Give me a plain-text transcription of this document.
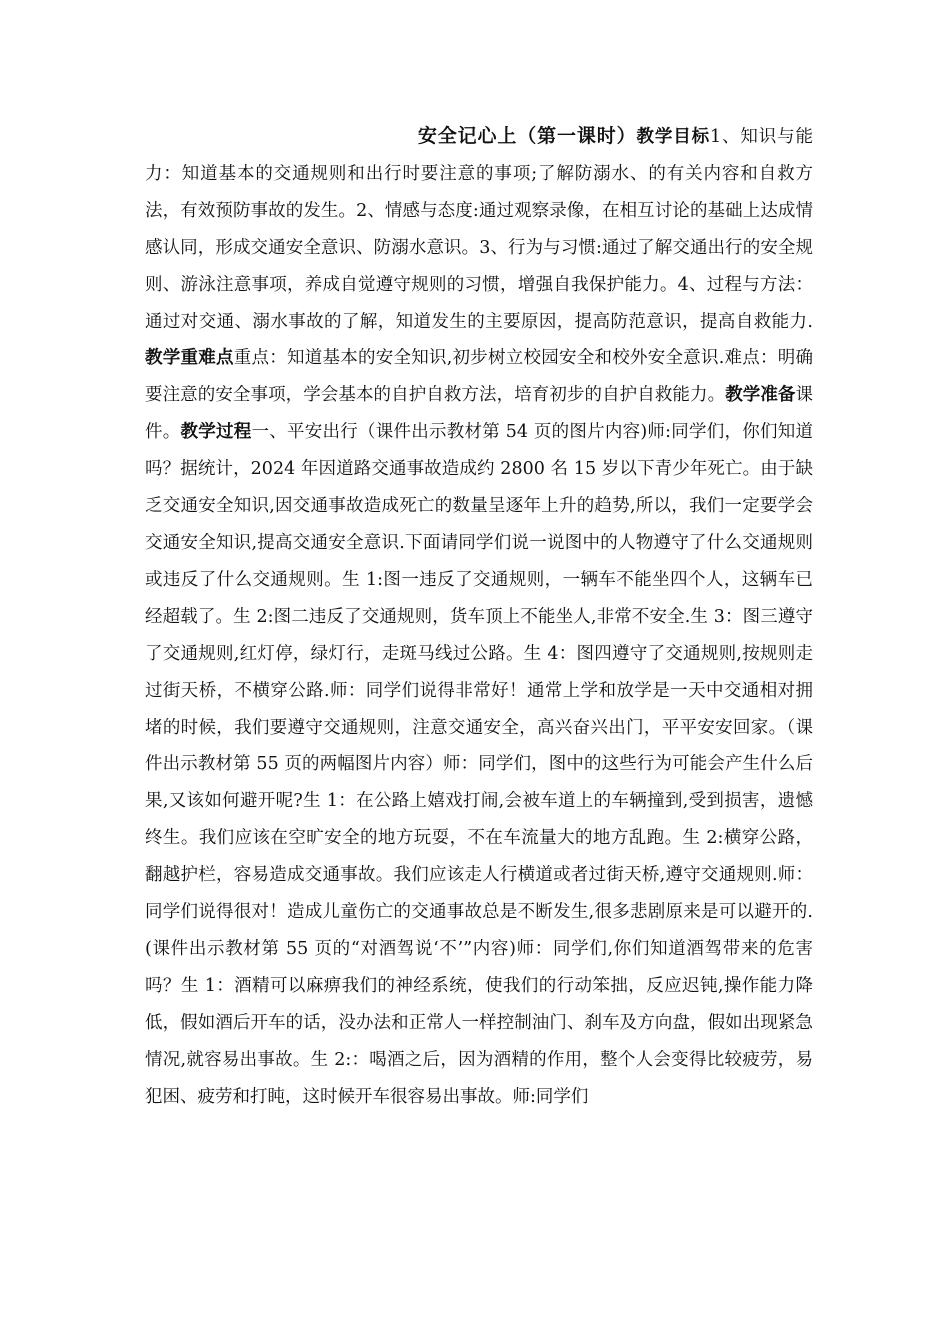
安全记心上（第一课时）教学目标1、知识与能力：知道基本的交通规则和出行时要注意的事项;了解防溺水、的有关内容和自救方法，有效预防事故的发生。2、情感与态度:通过观察录像，在相互讨论的基础上达成情感认同，形成交通安全意识、防溺水意识。3、行为与习惯:通过了解交通出行的安全规则、游泳注意事项，养成自觉遵守规则的习惯，增强自我保护能力。4、过程与方法：通过对交通、溺水事故的了解，知道发生的主要原因，提高防范意识，提高自救能力.教学重难点重点：知道基本的安全知识,初步树立校园安全和校外安全意识.难点：明确要注意的安全事项，学会基本的自护自救方法，培育初步的自护自救能力。教学准备课件。教学过程一、平安出行（课件出示教材第 54 页的图片内容)师:同学们，你们知道吗？据统计，2024 年因道路交通事故造成约 2800 名 15 岁以下青少年死亡。由于缺乏交通安全知识,因交通事故造成死亡的数量呈逐年上升的趋势,所以，我们一定要学会交通安全知识,提高交通安全意识.下面请同学们说一说图中的人物遵守了什么交通规则或违反了什么交通规则。生 1:图一违反了交通规则，一辆车不能坐四个人，这辆车已经超载了。生 2:图二违反了交通规则，货车顶上不能坐人,非常不安全.生 3：图三遵守了交通规则,红灯停，绿灯行，走斑马线过公路。生 4：图四遵守了交通规则,按规则走过街天桥，不横穿公路.师：同学们说得非常好！通常上学和放学是一天中交通相对拥堵的时候，我们要遵守交通规则，注意交通安全，高兴奋兴出门，平平安安回家。（课件出示教材第 55 页的两幅图片内容）师：同学们，图中的这些行为可能会产生什么后果,又该如何避开呢?生 1：在公路上嬉戏打闹,会被车道上的车辆撞到,受到损害，遗憾终生。我们应该在空旷安全的地方玩耍，不在车流量大的地方乱跑。生 2:横穿公路，翻越护栏，容易造成交通事故。我们应该走人行横道或者过街天桥,遵守交通规则.师：同学们说得很对！造成儿童伤亡的交通事故总是不断发生,很多悲剧原来是可以避开的.(课件出示教材第 55 页的“对酒驾说‘不’”内容)师：同学们,你们知道酒驾带来的危害吗？生 1：酒精可以麻痹我们的神经系统，使我们的行动笨拙，反应迟钝,操作能力降低，假如酒后开车的话，没办法和正常人一样控制油门、刹车及方向盘，假如出现紧急情况,就容易出事故。生 2:：喝酒之后，因为酒精的作用，整个人会变得比较疲劳，易犯困、疲劳和打盹，这时候开车很容易出事故。师:同学们
